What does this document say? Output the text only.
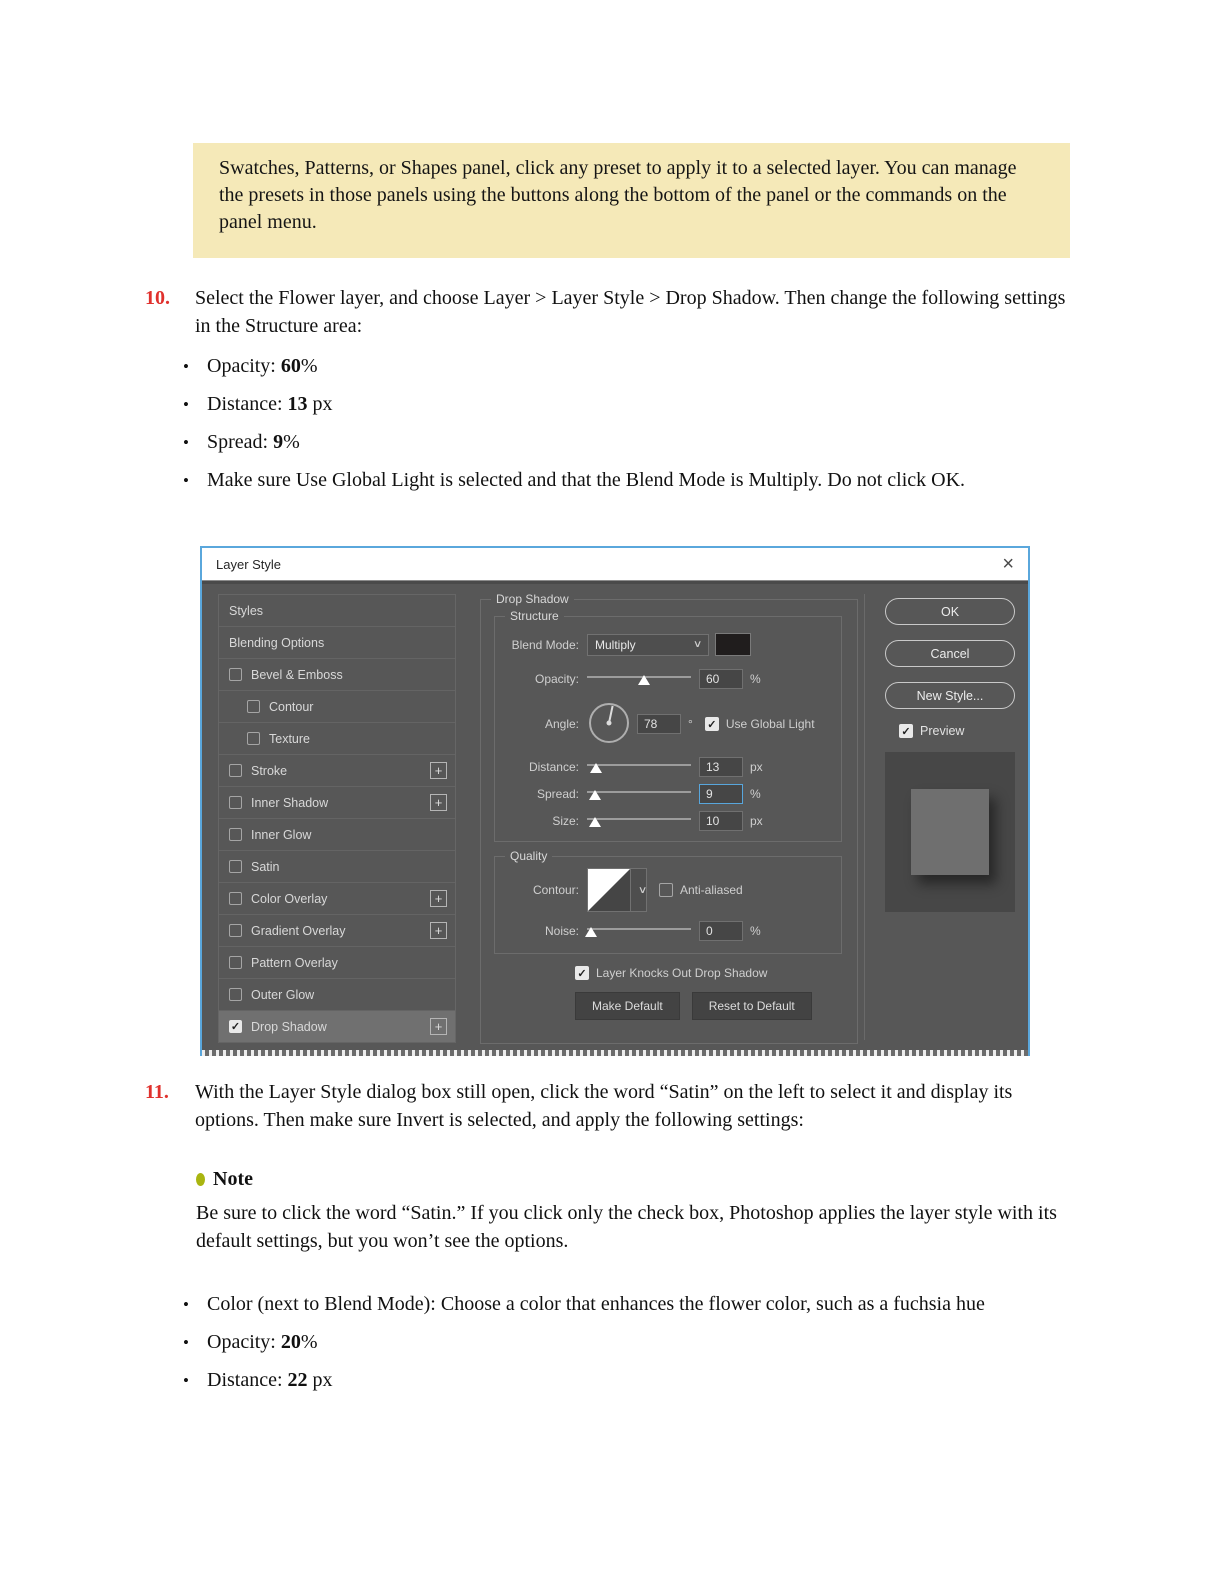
Swatches, Patterns, or Shapes panel, click any preset to apply it to a selected layer. You can manage the presets in those panels using the buttons along the bottom of the panel or the commands on the panel menu.
10.	Select the Flower layer, and choose Layer > Layer Style > Drop Shadow. Then change the following settings in the Structure area:
• Opacity: 60%
• Distance: 13 px
• Spread: 9%
• Make sure Use Global Light is selected and that the Blend Mode is Multiply. Do not click OK.
Layer Style	×
Styles
Blending Options
Bevel & Emboss
Contour
Texture
Stroke	+
Inner Shadow	+
Inner Glow
Satin
Color Overlay	+
Gradient Overlay	+
Pattern Overlay
Outer Glow
✓ Drop Shadow	+
Drop Shadow
Structure
Blend Mode: Multiply	∨
Opacity:	60	%
Angle:	78	° ✓ Use Global Light
Distance:	13	px
Spread:	9	%
Size:	10	px
Quality
Contour:	∨	Anti-aliased
Noise:	0	%
✓ Layer Knocks Out Drop Shadow
Make Default	Reset to Default
OK
Cancel
New Style...
✓ Preview
11.	With the Layer Style dialog box still open, click the word “Satin” on the left to select it and display its options. Then make sure Invert is selected, and apply the following settings:
Note
Be sure to click the word “Satin.” If you click only the check box, Photoshop applies the layer style with its default settings, but you won’t see the options.
• Color (next to Blend Mode): Choose a color that enhances the flower color, such as a fuchsia hue
• Opacity: 20%
• Distance: 22 px
